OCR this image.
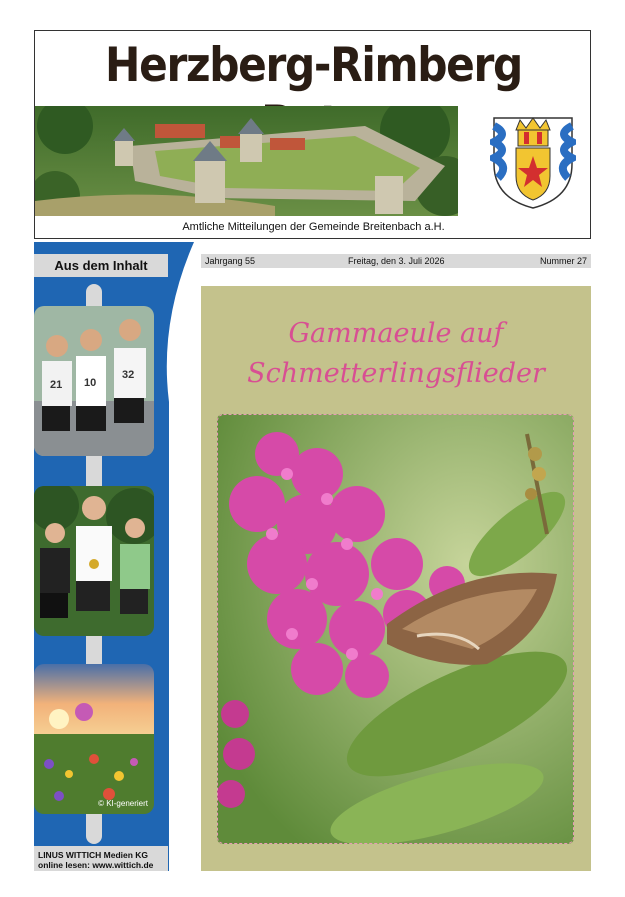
Herzberg-Rimberg
Amtliche Mitteilungen der Gemeinde Breitenbach a.H.
Aus dem Inhalt
21 10
32
© KI-generiert
LINUS WITTICH Medien KG
online lesen: www.wittich.de
Jahrgang 55	Freitag, den 3. Juli 2026	Nummer 27
Gammaeule auf
Schmetterlingsflieder
